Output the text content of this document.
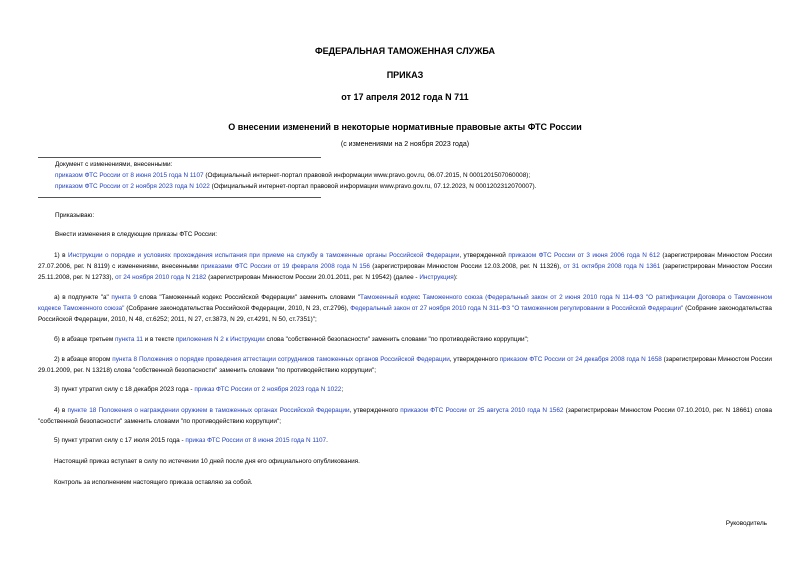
ФЕДЕРАЛЬНАЯ ТАМОЖЕННАЯ СЛУЖБА
ПРИКАЗ
от 17 апреля 2012 года N 711
О внесении изменений в некоторые нормативные правовые акты ФТС России
(с изменениями на 2 ноября 2023 года)
Документ с изменениями, внесенными:
приказом ФТС России от 8 июня 2015 года N 1107 (Официальный интернет-портал правовой информации www.pravo.gov.ru, 06.07.2015, N 0001201507060008);
приказом ФТС России от 2 ноября 2023 года N 1022 (Официальный интернет-портал правовой информации www.pravo.gov.ru, 07.12.2023, N 0001202312070007).
Приказываю:
Внести изменения в следующие приказы ФТС России:
1) в Инструкции о порядке и условиях прохождения испытания при приеме на службу в таможенные органы Российской Федерации, утвержденной приказом ФТС России от 3 июня 2006 года N 612 (зарегистрирован Минюстом России 27.07.2006, рег. N 8119) с изменениями, внесенными приказами ФТС России от 19 февраля 2008 года N 156 (зарегистрирован Минюстом России 12.03.2008, рег. N 11326), от 31 октября 2008 года N 1361 (зарегистрирован Минюстом России 25.11.2008, рег. N 12733), от 24 ноября 2010 года N 2182 (зарегистрирован Минюстом России 20.01.2011, рег. N 19542) (далее - Инструкция):
а) в подпункте "а" пункта 9 слова "Таможенный кодекс Российской Федерации" заменить словами "Таможенный кодекс Таможенного союза (Федеральный закон от 2 июня 2010 года N 114-ФЗ "О ратификации Договора о Таможенном кодексе Таможенного союза" (Собрание законодательства Российской Федерации, 2010, N 23, ст.2796), Федеральный закон от 27 ноября 2010 года N 311-ФЗ "О таможенном регулировании в Российской Федерации" (Собрание законодательства Российской Федерации, 2010, N 48, ст.6252; 2011, N 27, ст.3873, N 29, ст.4291, N 50, ст.7351)";
б) в абзаце третьем пункта 11 и в тексте приложения N 2 к Инструкции слова "собственной безопасности" заменить словами "по противодействию коррупции";
2) в абзаце втором пункта 8 Положения о порядке проведения аттестации сотрудников таможенных органов Российской Федерации, утвержденного приказом ФТС России от 24 декабря 2008 года N 1658 (зарегистрирован Минюстом России 29.01.2009, рег. N 13218) слова "собственной безопасности" заменить словами "по противодействию коррупции";
3) пункт утратил силу с 18 декабря 2023 года - приказ ФТС России от 2 ноября 2023 года N 1022;
4) в пункте 18 Положения о награждении оружием в таможенных органах Российской Федерации, утвержденного приказом ФТС России от 25 августа 2010 года N 1562 (зарегистрирован Минюстом России 07.10.2010, рег. N 18661) слова "собственной безопасности" заменить словами "по противодействию коррупции";
5) пункт утратил силу с 17 июля 2015 года - приказ ФТС России от 8 июня 2015 года N 1107.
Настоящий приказ вступает в силу по истечении 10 дней после дня его официального опубликования.
Контроль за исполнением настоящего приказа оставляю за собой.
Руководитель
